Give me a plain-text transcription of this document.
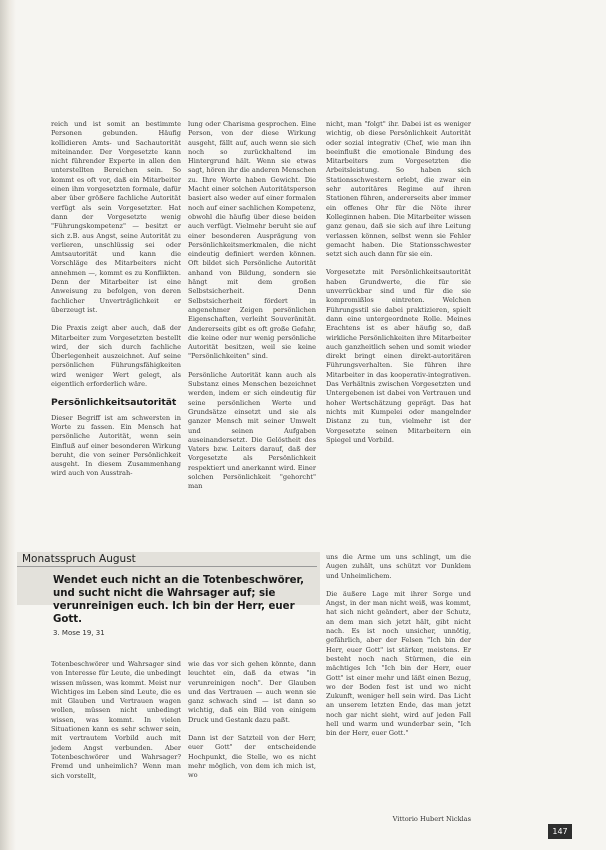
reich und ist somit an bestimmte Personen gebunden. Häufig kollidieren Amts- und Sachautorität miteinander. Der Vorgesetzte kann nicht führender Experte in allen den unterstellten Bereichen sein. So kommt es oft vor, daß ein Mitarbeiter einen ihm vorgesetzten formale, dafür aber über größere fachliche Autorität verfügt als sein Vorgesetzter. Hat dann der Vorgesetzte wenig "Führungskompetenz" — besitzt er sich z.B. aus Angst, seine Autorität zu verlieren, unschlüssig sei oder Amtsautorität und kann die Vorschläge des Mitarbeiters nicht annehmen —, kommt es zu Konflikten. Denn der Mitarbeiter ist eine Anweisung zu befolgen, von deren fachlicher Unverträglichkeit er überzeugt ist.

Die Praxis zeigt aber auch, daß der Mitarbeiter zum Vorgesetzten bestellt wird, der sich durch fachliche Überlegenheit auszeichnet. Auf seine persönlichen Führungsfähigkeiten wird weniger Wert gelegt, als eigentlich erforderlich wäre.

Persönlichkeitsautorität

Dieser Begriff ist am schwersten in Worte zu fassen. Ein Mensch hat persönliche Autorität, wenn sein Einfluß auf einer besonderen Wirkung beruht, die von seiner Persönlichkeit ausgeht. In diesem Zusammenhang wird auch von Ausstrah-

lung oder Charisma gesprochen. Eine Person, von der diese Wirkung ausgeht, fällt auf, auch wenn sie sich noch so zurückhaltend im Hintergrund hält. Wenn sie etwas sagt, hören ihr die anderen Menschen zu. Ihre Worte haben Gewicht. Die Macht einer solchen Autoritätsperson basiert also weder auf einer formalen noch auf einer sachlichen Kompetenz, obwohl die häufig über diese beiden auch verfügt. Vielmehr beruht sie auf einer besonderen Ausprägung von Persönlichkeitsmerkmalen, die nicht eindeutig definiert werden können. Oft bildet sich Persönliche Autorität anhand von Bildung, sondern sie hängt mit dem großen Selbstsicherheit. Denn Selbstsicherheit fördert in angenehmer Zeigen persönlichen Eigenschaften, verleiht Souveränität. Andererseits gibt es oft große Gefahr, die keine oder nur wenig persönliche Autorität besitzen, weil sie keine "Persönlichkeiten" sind.

Persönliche Autorität kann auch als Substanz eines Menschen bezeichnet werden, indem er sich eindeutig für seine persönlichen Werte und Grundsätze einsetzt und sie als ganzer Mensch mit seiner Umwelt und seinen Aufgaben auseinandersetzt. Die Gelöstheit des Vaters bzw. Leiters darauf, daß der Vorgesetzte als Persönlichkeit respektiert und anerkannt wird. Einer solchen Persönlichkeit "gehorcht" man

nicht, man "folgt" ihr. Dabei ist es weniger wichtig, ob diese Persönlichkeit Autorität oder sozial integrativ (Chef, wie man ihn beeinflußt die emotionale Bindung des Mitarbeiters zum Vorgesetzten die Arbeitsleistung. So haben sich Stationsschwestern erlebt, die zwar ein sehr autoritäres Regime auf ihren Stationen führen, andererseits aber immer ein offenes Ohr für die Nöte ihrer Kolleginnen haben. Die Mitarbeiter wissen ganz genau, daß sie sich auf ihre Leitung verlassen können, selbst wenn sie Fehler gemacht haben. Die Stationsschwester setzt sich auch dann für sie ein.

Vorgesetzte mit Persönlichkeitsautorität haben Grundwerte, die für sie unverrückbar sind und für die sie kompromißlos eintreten. Welchen Führungsstil sie dabei praktizieren, spielt dann eine untergeordnete Rolle. Meines Erachtens ist es aber häufig so, daß wirkliche Persönlichkeiten ihre Mitarbeiter auch ganzheitlich sehen und somit wieder direkt bringt einen direkt-autoritären Führungsverhalten. Sie führen ihre Mitarbeiter in das kooperativ-integrativen. Das Verhältnis zwischen Vorgesetzten und Untergebenen ist dabei von Vertrauen und hoher Wertschätzung geprägt. Das hat nichts mit Kumpelei oder mangelnder Distanz zu tun, vielmehr ist der Vorgesetzte seinen Mitarbeitern ein Spiegel und Vorbild.

Monatsspruch August
Wendet euch nicht an die Totenbeschwörer, und sucht nicht die Wahrsager auf; sie verunreinigen euch. Ich bin der Herr, euer Gott.
3. Mose 19, 31

Totenbeschwörer und Wahrsager sind von Interesse für Leute, die unbedingt wissen müssen, was kommt. Meist nur Wichtiges im Leben sind Leute, die es mit Glauben und Vertrauen wagen wollen, müssen nicht unbedingt wissen, was kommt. In vielen Situationen kann es sehr schwer sein, mit vertrautem Vorbild auch mit jedem Angst verbunden. Aber Totenbeschwörer und Wahrsager? Fremd und unheimlich? Wenn man sich vorstellt,

wie das vor sich gehen könnte, dann leuchtet ein, daß da etwas "in verunreinigen noch". Der Glauben und das Vertrauen — auch wenn sie ganz schwach sind — ist dann so wichtig, daß ein Bild von einigem Druck und Gestank dazu paßt.

Dann ist der Satzteil von der Herr, euer Gott" der entscheidende Hochpunkt, die Stelle, wo es nicht mehr möglich, von dem ich mich ist, wo

uns die Arme um uns schlingt, um die Augen zuhält, uns schützt vor Dunklem und Unheimlichem.

Die äußere Lage mit ihrer Sorge und Angst, in der man nicht weiß, was kommt, hat sich nicht geändert, aber der Schutz, an dem man sich jetzt hält, gibt nicht nach. Es ist noch unsicher, unnötig, gefährlich, aber der Felsen "Ich bin der Herr, euer Gott" ist stärker, meistens. Er besteht noch nach Stürmen, die ein mächtiges Ich "Ich bin der Herr, euer Gott" ist einer mehr und läßt einen Bezug, wo der Boden fest ist und wo nicht Zukunft, weniger hell sein wird. Das Licht an unserem letzten Ende, das man jetzt noch gar nicht sieht, wird auf jeden Fall hell und warm und wunderbar sein, "Ich bin der Herr, euer Gott."

Vittorio Hubert Nicklas
147
